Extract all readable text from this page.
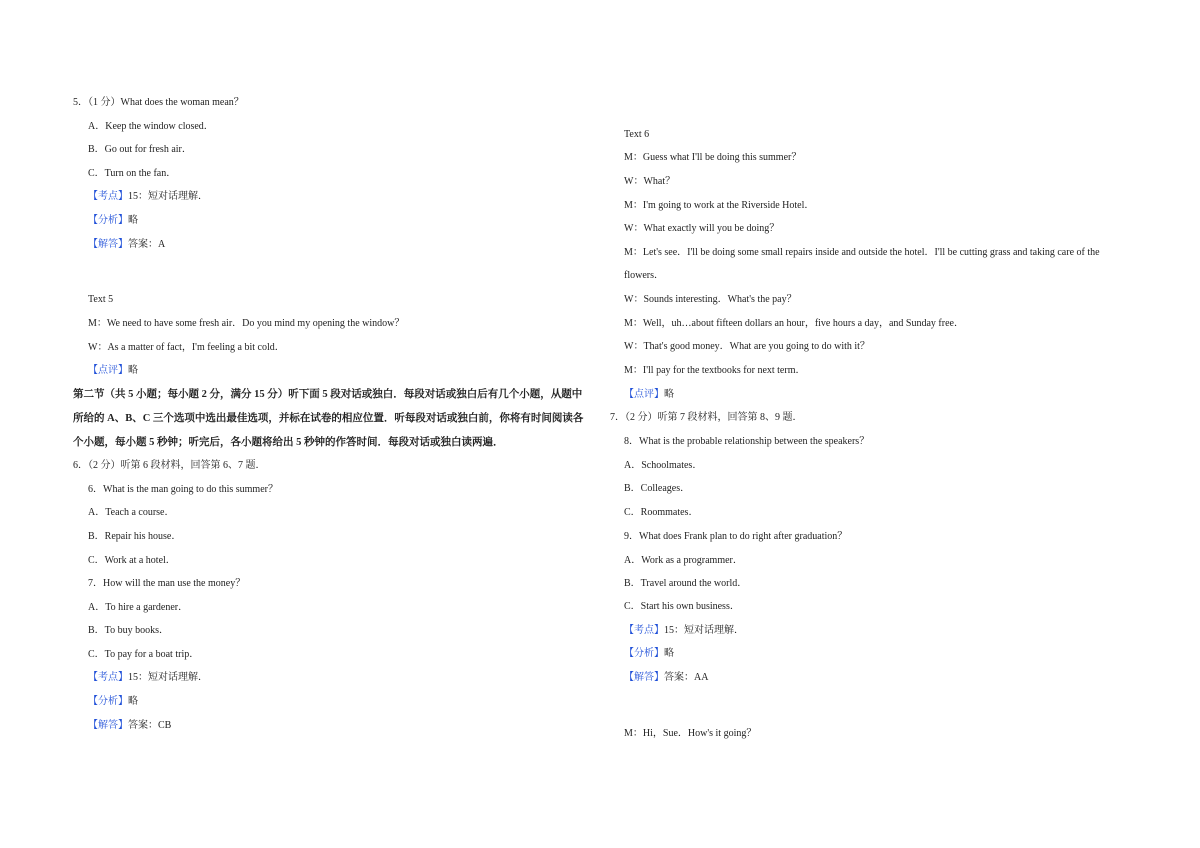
5．（1 分）What does the woman mean？
A．Keep the window closed．
B．Go out for fresh air．
C．Turn on the fan．
【考点】15：短对话理解．
【分析】略
【解答】答案：A
Text 5
M：We need to have some fresh air．Do you mind my opening the window？
W：As a matter of fact，I'm feeling a bit cold．
【点评】略
第二节（共 5 小题；每小题 2 分，满分 15 分）听下面 5 段对话或独白．每段对话或独白后有几个小题，从题中
所给的 A、B、C 三个选项中选出最佳选项，并标在试卷的相应位置．听每段对话或独白前，你将有时间阅读各
个小题，每小题 5 秒钟；听完后，各小题将给出 5 秒钟的作答时间．每段对话或独白读两遍．
6．（2 分）听第 6 段材料，回答第 6、7 题．
6．What is the man going to do this summer？
A．Teach a course．
B．Repair his house．
C．Work at a hotel．
7．How will the man use the money？
A．To hire a gardener．
B．To buy books．
C．To pay for a boat trip．
【考点】15：短对话理解．
【分析】略
【解答】答案：CB
Text 6
M：Guess what I'll be doing this summer？
W：What？
M：I'm going to work at the Riverside Hotel．
W：What exactly will you be doing？
M：Let's see．I'll be doing some small repairs inside and outside the hotel．I'll be cutting grass and taking care of the
flowers．
W：Sounds interesting．What's the pay？
M：Well，uh…about fifteen dollars an hour，five hours a day，and Sunday free．
W：That's good money．What are you going to do with it？
M：I'll pay for the textbooks for next term．
【点评】略
7．（2 分）听第 7 段材料，回答第 8、9 题．
8．What is the probable relationship between the speakers？
A．Schoolmates．
B．Colleages．
C．Roommates．
9．What does Frank plan to do right after graduation？
A．Work as a programmer．
B．Travel around the world．
C．Start his own business．
【考点】15：短对话理解．
【分析】略
【解答】答案：AA
M：Hi，Sue．How's it going？
